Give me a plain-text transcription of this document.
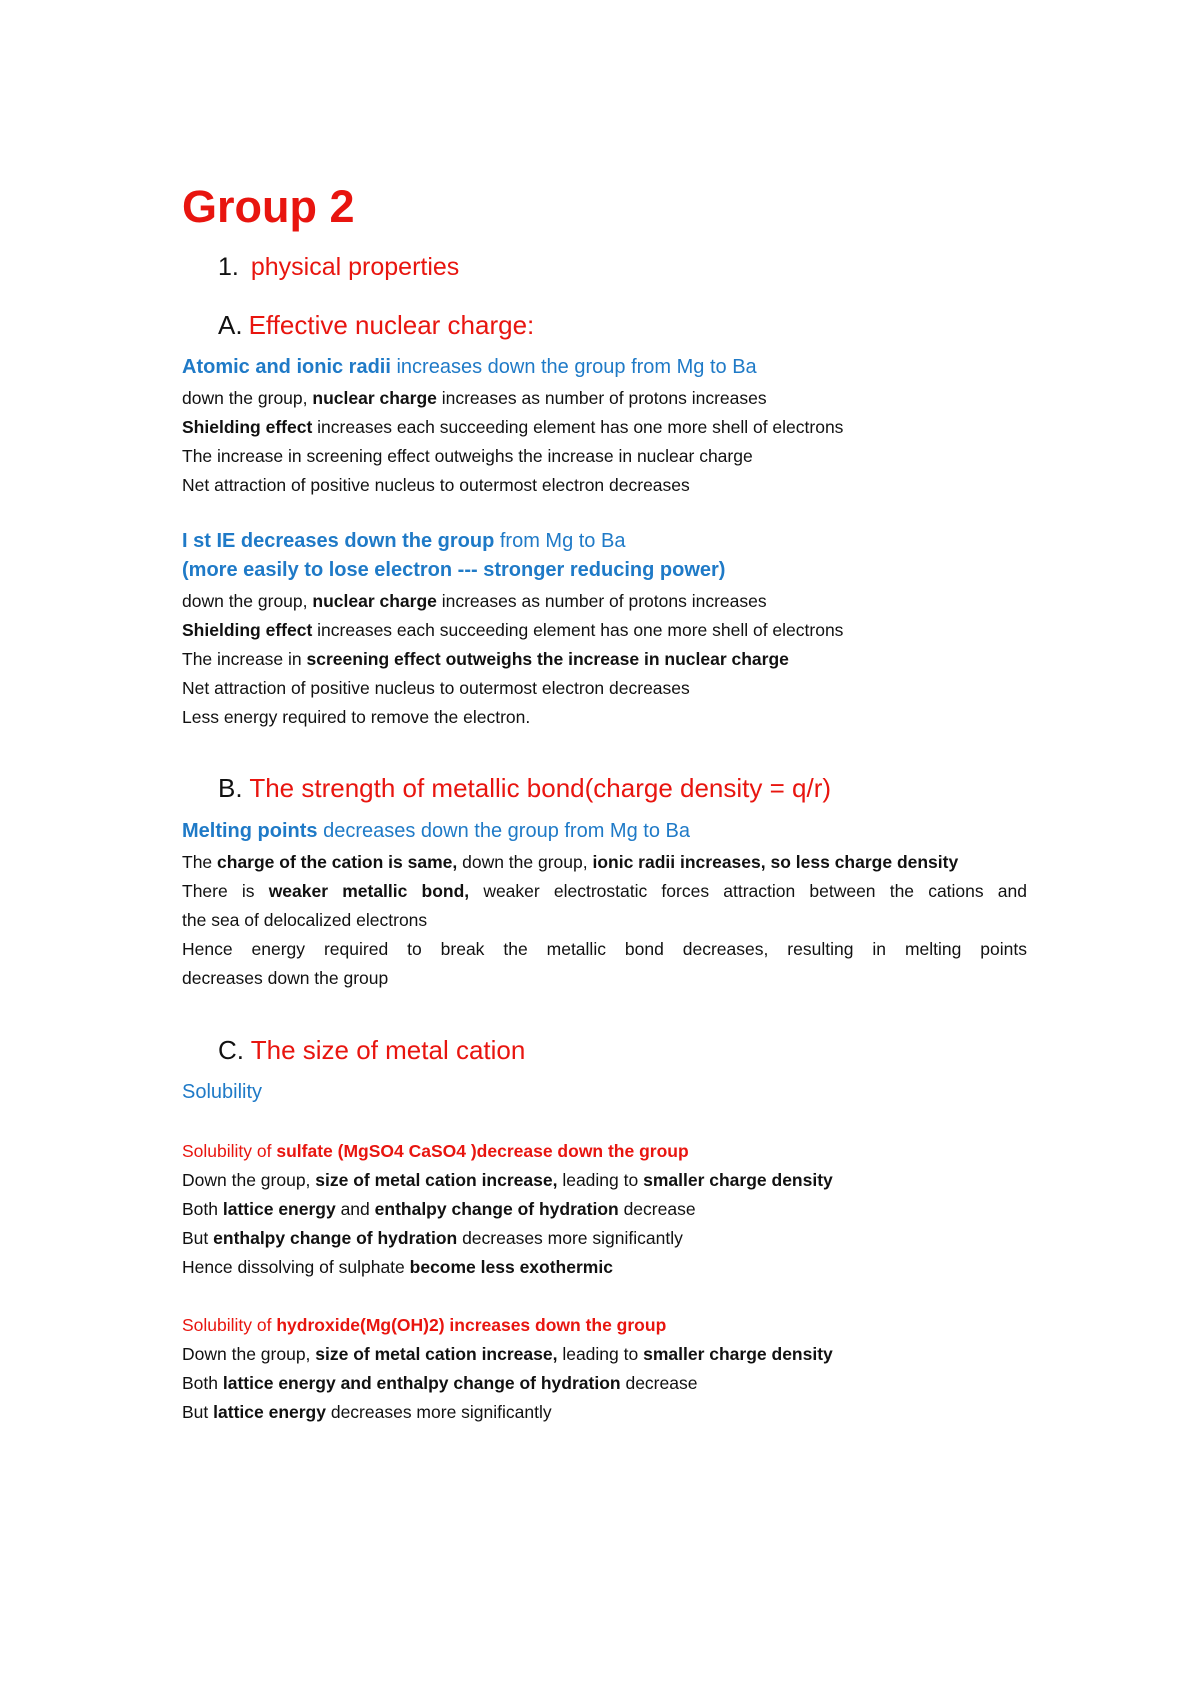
Group 2
1. physical properties
A. Effective nuclear charge:
Atomic and ionic radii increases down the group from Mg to Ba
down the group, nuclear charge increases as number of protons increases
Shielding effect increases each succeeding element has one more shell of electrons
The increase in screening effect outweighs the increase in nuclear charge
Net attraction of positive nucleus to outermost electron decreases
I st IE decreases down the group from Mg to Ba
(more easily to lose electron --- stronger reducing power)
down the group, nuclear charge increases as number of protons increases
Shielding effect increases each succeeding element has one more shell of electrons
The increase in screening effect outweighs the increase in nuclear charge
Net attraction of positive nucleus to outermost electron decreases
Less energy required to remove the electron.
B. The strength of metallic bond(charge density = q/r)
Melting points decreases down the group from Mg to Ba
The charge of the cation is same, down the group, ionic radii increases, so less charge density
There is weaker metallic bond, weaker electrostatic forces attraction between the cations and
the sea of delocalized electrons
Hence energy required to break the metallic bond decreases, resulting in melting points
decreases down the group
C. The size of metal cation
Solubility
Solubility of sulfate (MgSO4 CaSO4 )decrease down the group
Down the group, size of metal cation increase, leading to smaller charge density
Both lattice energy and enthalpy change of hydration decrease
But enthalpy change of hydration decreases more significantly
Hence dissolving of sulphate become less exothermic
Solubility of hydroxide(Mg(OH)2) increases down the group
Down the group, size of metal cation increase, leading to smaller charge density
Both lattice energy and enthalpy change of hydration decrease
But lattice energy decreases more significantly
